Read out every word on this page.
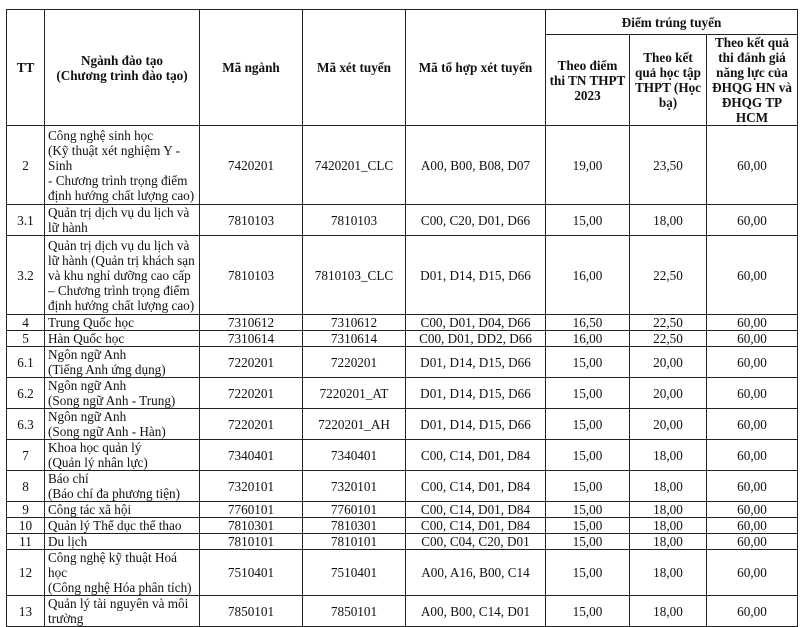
TT	Ngành đào tạo
(Chương trình đào tạo)	Mã ngành	Mã xét tuyển	Mã tổ hợp xét tuyển	Điểm trúng tuyển		
					Theo điểm thi TN THPT 2023	Theo kết quả học tập THPT (Học bạ)	Theo kết quả thi đánh giá năng lực của ĐHQG HN và ĐHQG TP HCM
2	Công nghệ sinh học
(Kỹ thuật xét nghiệm Y -Sinh
- Chương trình trọng điểm
định hướng chất lượng cao)	7420201	7420201_CLC	A00, B00, B08, D07	19,00	23,50	60,00
3.1	Quản trị dịch vụ du lịch và
lữ hành	7810103	7810103	C00, C20, D01, D66	15,00	18,00	60,00
3.2	Quản trị dịch vụ du lịch và
lữ hành (Quản trị khách sạn
và khu nghỉ dưỡng cao cấp
– Chương trình trọng điểm
định hướng chất lượng cao)	7810103	7810103_CLC	D01, D14, D15, D66	16,00	22,50	60,00
4	Trung Quốc học	7310612	7310612	C00, D01, D04, D66	16,50	22,50	60,00
5	Hàn Quốc học	7310614	7310614	C00, D01, DD2, D66	16,00	22,50	60,00
6.1	Ngôn ngữ Anh
(Tiếng Anh ứng dụng)	7220201	7220201	D01, D14, D15, D66	15,00	20,00	60,00
6.2	Ngôn ngữ Anh
(Song ngữ Anh - Trung)	7220201	7220201_AT	D01, D14, D15, D66	15,00	20,00	60,00
6.3	Ngôn ngữ Anh
(Song ngữ Anh - Hàn)	7220201	7220201_AH	D01, D14, D15, D66	15,00	20,00	60,00
7	Khoa học quản lý
(Quản lý nhân lực)	7340401	7340401	C00, C14, D01, D84	15,00	18,00	60,00
8	Báo chí
(Báo chí đa phương tiện)	7320101	7320101	C00, C14, D01, D84	15,00	18,00	60,00
9	Công tác xã hội	7760101	7760101	C00, C14, D01, D84	15,00	18,00	60,00
10	Quản lý Thể dục thể thao	7810301	7810301	C00, C14, D01, D84	15,00	18,00	60,00
11	Du lịch	7810101	7810101	C00, C04, C20, D01	15,00	18,00	60,00
12	Công nghệ kỹ thuật Hoá học
(Công nghệ Hóa phân tích)	7510401	7510401	A00, A16, B00, C14	15,00	18,00	60,00
13	Quản lý tài nguyên và môi
trường	7850101	7850101	A00, B00, C14, D01	15,00	18,00	60,00
